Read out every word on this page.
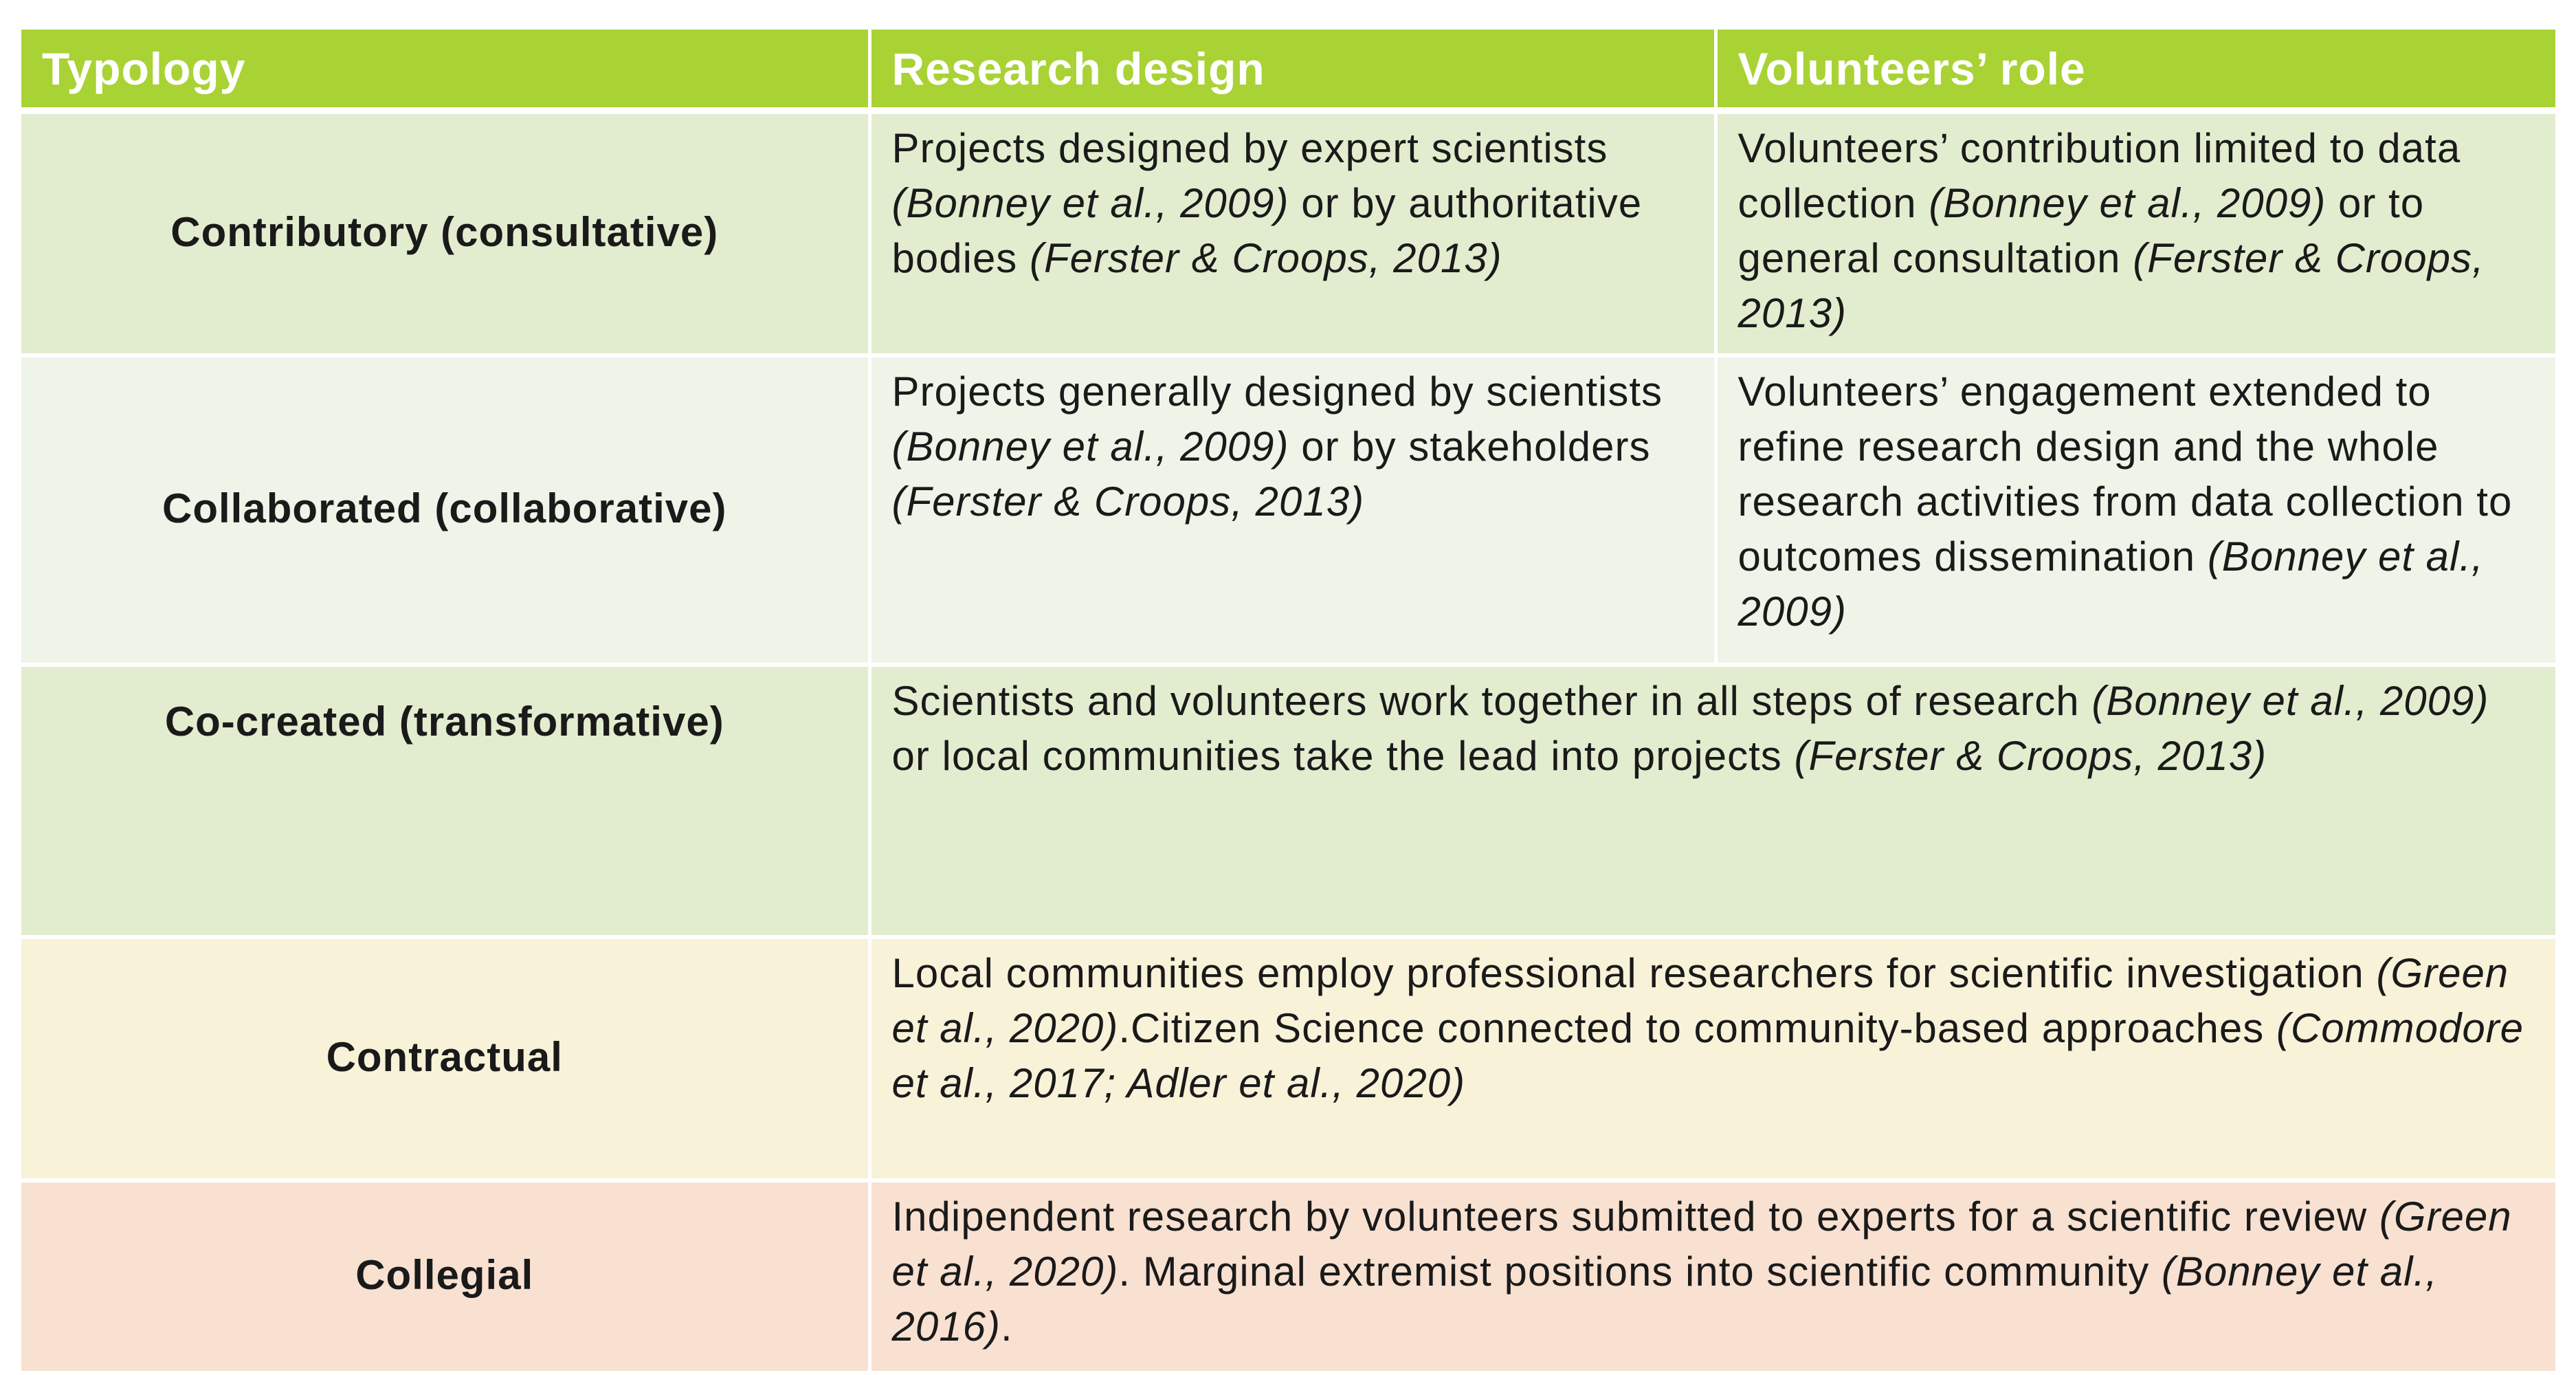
Typology	Research design	Volunteers’ role
Contributory (consultative)	Projects designed by expert scientists (Bonney et al., 2009) or by authoritative bodies (Ferster & Croops, 2013)	Volunteers’ contribution limited to data collection (Bonney et al., 2009) or to general consultation (Ferster & Croops, 2013)
Collaborated (collaborative)	Projects generally designed by scientists (Bonney et al., 2009) or by stakeholders (Ferster & Croops, 2013)	Volunteers’ engagement extended to refine research design and the whole research activities from data collection to outcomes dissemination (Bonney et al., 2009)
Co-created (transformative)	Scientists and volunteers work together in all steps of research (Bonney et al., 2009) or local communities take the lead into projects (Ferster & Croops, 2013)	
Contractual	Local communities employ professional researchers for scientific investigation (Green et al., 2020).Citizen Science connected to community-based approaches (Commodore et al., 2017; Adler et al., 2020)	
Collegial	Indipendent research by volunteers submitted to experts for a scientific review (Green et al., 2020). Marginal extremist positions into scientific community (Bonney et al., 2016).	
